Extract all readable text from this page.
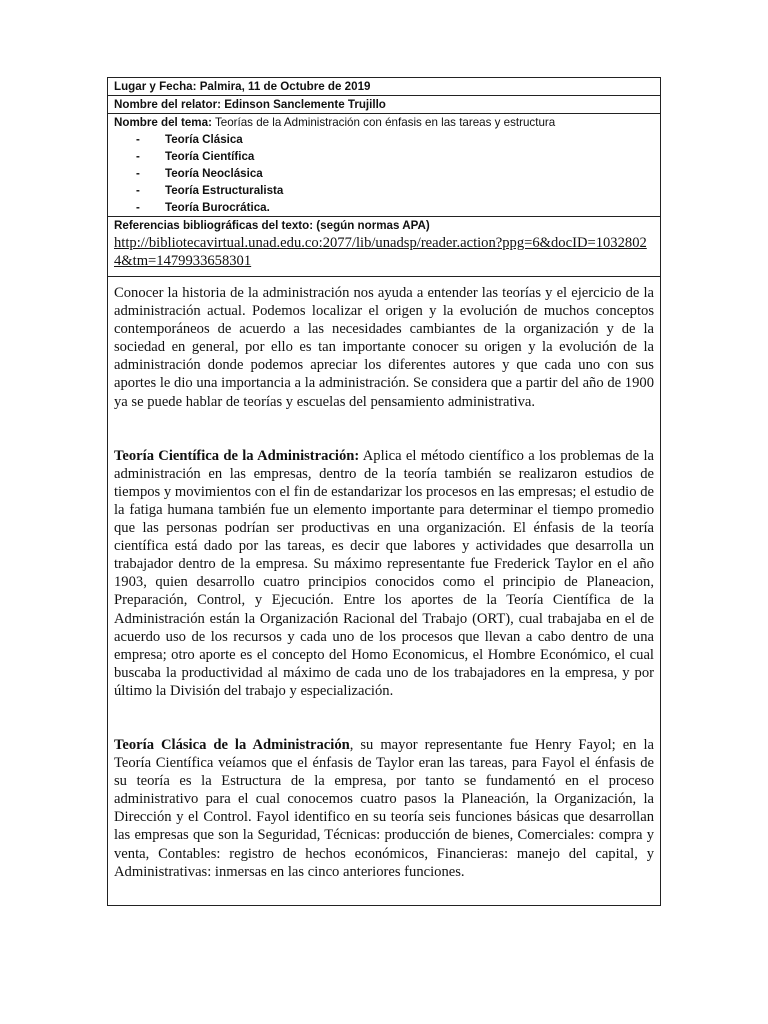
Lugar y Fecha: Palmira, 11 de Octubre de 2019
Nombre del relator: Edinson Sanclemente Trujillo
Nombre del tema: Teorías de la Administración con énfasis en las tareas y estructura
- Teoría Clásica
- Teoría Científica
- Teoría Neoclásica
- Teoría Estructuralista
- Teoría Burocrática.
Referencias bibliográficas del texto: (según normas APA)
http://bibliotecavirtual.unad.edu.co:2077/lib/unadsp/reader.action?ppg=6&docID=10328024&tm=1479933658301

Conocer la historia de la administración nos ayuda a entender las teorías y el ejercicio de la administración actual. Podemos localizar el origen y la evolución de muchos conceptos contemporáneos de acuerdo a las necesidades cambiantes de la organización y de la sociedad en general, por ello es tan importante conocer su origen y la evolución de la administración donde podemos apreciar los diferentes autores y que cada uno con sus aportes le dio una importancia a la administración. Se considera que a partir del año de 1900 ya se puede hablar de teorías y escuelas del pensamiento administrativa.

Teoría Científica de la Administración: Aplica el método científico a los problemas de la administración en las empresas, dentro de la teoría también se realizaron estudios de tiempos y movimientos con el fin de estandarizar los procesos en las empresas; el estudio de la fatiga humana también fue un elemento importante para determinar el tiempo promedio que las personas podrían ser productivas en una organización. El énfasis de la teoría científica está dado por las tareas, es decir que labores y actividades que desarrolla un trabajador dentro de la empresa. Su máximo representante fue Frederick Taylor en el año 1903, quien desarrollo cuatro principios conocidos como el principio de Planeacion, Preparación, Control, y Ejecución. Entre los aportes de la Teoría Científica de la Administración están la Organización Racional del Trabajo (ORT), cual trabajaba en el de acuerdo uso de los recursos y cada uno de los procesos que llevan a cabo dentro de una empresa; otro aporte es el concepto del Homo Economicus, el Hombre Económico, el cual buscaba la productividad al máximo de cada uno de los trabajadores en la empresa, y por último la División del trabajo y especialización.

Teoría Clásica de la Administración, su mayor representante fue Henry Fayol; en la Teoría Científica veíamos que el énfasis de Taylor eran las tareas, para Fayol el énfasis de su teoría es la Estructura de la empresa, por tanto se fundamentó en el proceso administrativo para el cual conocemos cuatro pasos la Planeación, la Organización, la Dirección y el Control. Fayol identifico en su teoría seis funciones básicas que desarrollan las empresas que son la Seguridad, Técnicas: producción de bienes, Comerciales: compra y venta, Contables: registro de hechos económicos, Financieras: manejo del capital, y Administrativas: inmersas en las cinco anteriores funciones.
